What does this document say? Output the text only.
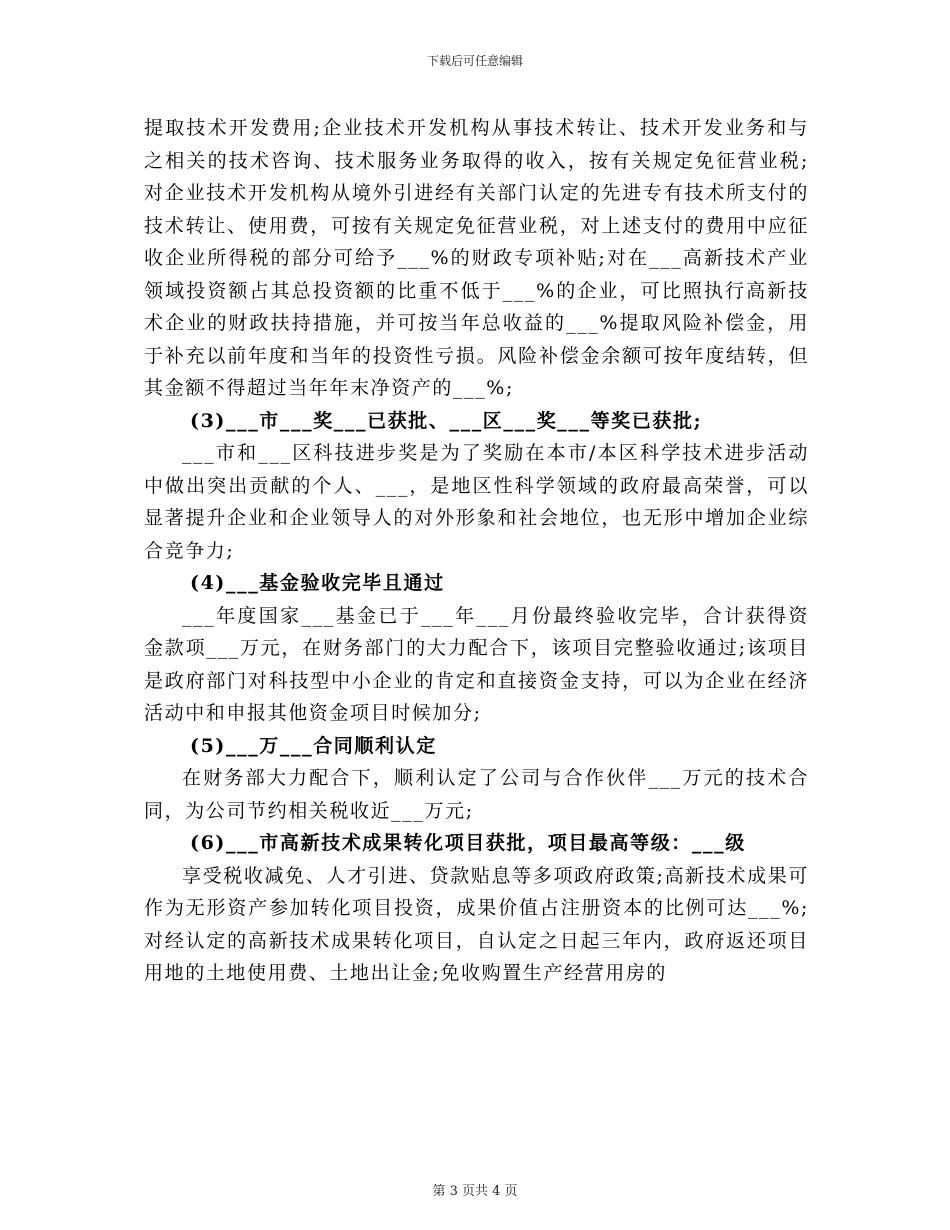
下载后可任意编辑

提取技术开发费用;企业技术开发机构从事技术转让、技术开发业务和与之相关的技术咨询、技术服务业务取得的收入，按有关规定免征营业税;对企业技术开发机构从境外引进经有关部门认定的先进专有技术所支付的技术转让、使用费，可按有关规定免征营业税，对上述支付的费用中应征收企业所得税的部分可给予___%的财政专项补贴;对在___高新技术产业领域投资额占其总投资额的比重不低于___%的企业，可比照执行高新技术企业的财政扶持措施，并可按当年总收益的___%提取风险补偿金，用于补充以前年度和当年的投资性亏损。风险补偿金余额可按年度结转，但其金额不得超过当年年末净资产的___%;

(3)___市___奖___已获批、___区___奖___等奖已获批;

___市和___区科技进步奖是为了奖励在本市/本区科学技术进步活动中做出突出贡献的个人、___，是地区性科学领域的政府最高荣誉，可以显著提升企业和企业领导人的对外形象和社会地位，也无形中增加企业综合竞争力;

(4)___基金验收完毕且通过

___年度国家___基金已于___年___月份最终验收完毕，合计获得资金款项___万元，在财务部门的大力配合下，该项目完整验收通过;该项目是政府部门对科技型中小企业的肯定和直接资金支持，可以为企业在经济活动中和申报其他资金项目时候加分;

(5)___万___合同顺利认定

在财务部大力配合下，顺利认定了公司与合作伙伴___万元的技术合同，为公司节约相关税收近___万元;

(6)___市高新技术成果转化项目获批，项目最高等级：___级

享受税收减免、人才引进、贷款贴息等多项政府政策;高新技术成果可作为无形资产参加转化项目投资，成果价值占注册资本的比例可达___%;对经认定的高新技术成果转化项目，自认定之日起三年内，政府返还项目用地的土地使用费、土地出让金;免收购置生产经营用房的

第 3 页共 4 页
